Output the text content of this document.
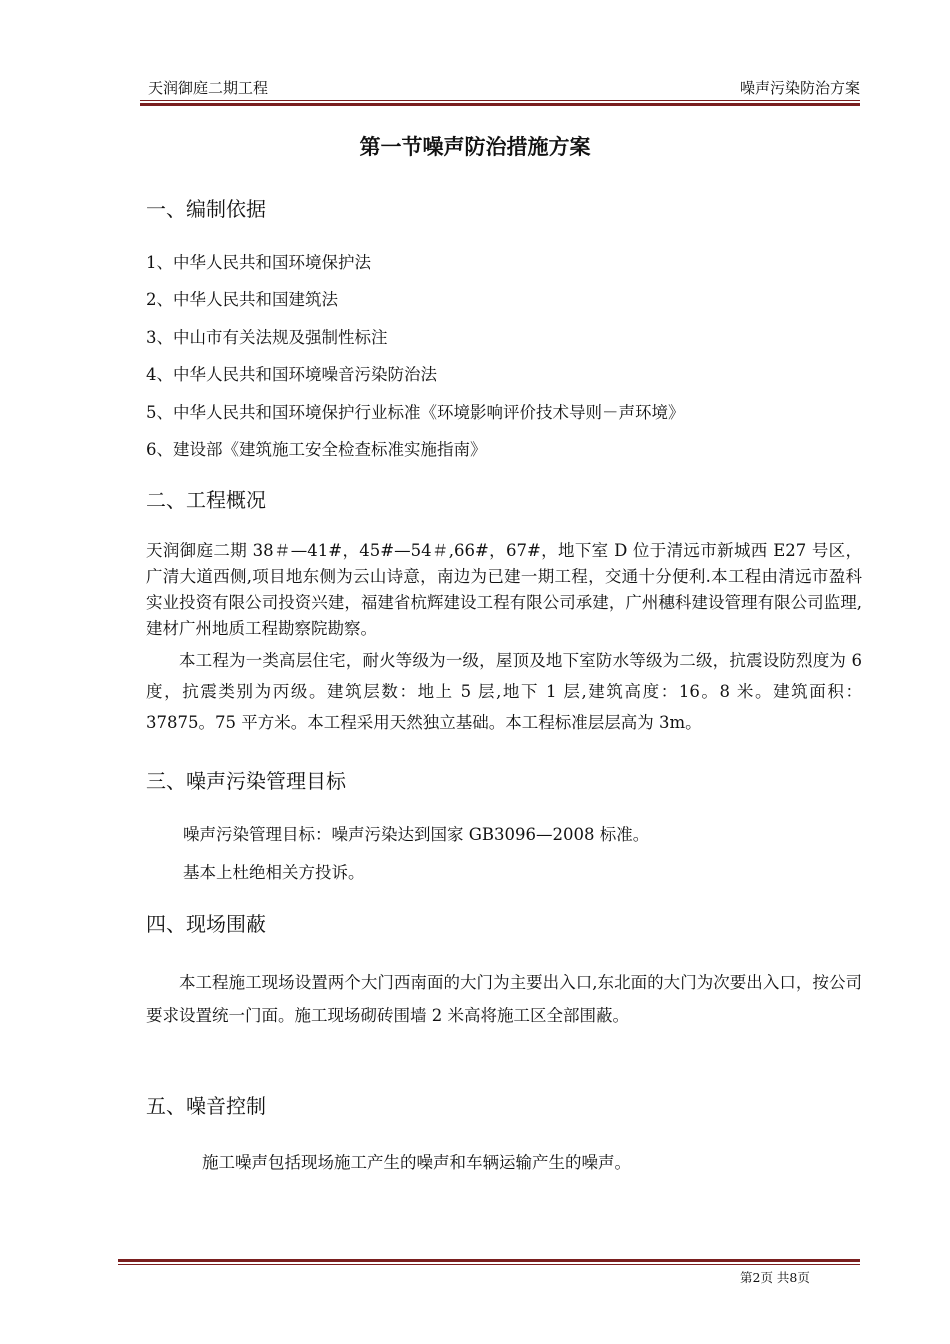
天润御庭二期工程	噪声污染防治方案
第一节噪声防治措施方案
一、编制依据
1、中华人民共和国环境保护法
2、中华人民共和国建筑法
3、中山市有关法规及强制性标注
4、中华人民共和国环境噪音污染防治法
5、中华人民共和国环境保护行业标准《环境影响评价技术导则－声环境》
6、建设部《建筑施工安全检查标准实施指南》
二、工程概况
天润御庭二期 38＃—41#，45#—54＃,66#，67#，地下室 D 位于清远市新城西 E27 号区，广清大道西侧,项目地东侧为云山诗意，南边为已建一期工程，交通十分便利.本工程由清远市盈科实业投资有限公司投资兴建，福建省杭辉建设工程有限公司承建，广州穗科建设管理有限公司监理,建材广州地质工程勘察院勘察。
本工程为一类高层住宅，耐火等级为一级，屋顶及地下室防水等级为二级，抗震设防烈度为 6 度，抗震类别为丙级。建筑层数：地上 5 层,地下 1 层,建筑高度：16。8 米。建筑面积：37875。75 平方米。本工程采用天然独立基础。本工程标准层层高为 3m。
三、噪声污染管理目标
噪声污染管理目标：噪声污染达到国家 GB3096—2008 标准。
基本上杜绝相关方投诉。
四、现场围蔽
本工程施工现场设置两个大门西南面的大门为主要出入口,东北面的大门为次要出入口，按公司要求设置统一门面。施工现场砌砖围墙 2 米高将施工区全部围蔽。
五、噪音控制
施工噪声包括现场施工产生的噪声和车辆运输产生的噪声。
第2页 共8页
